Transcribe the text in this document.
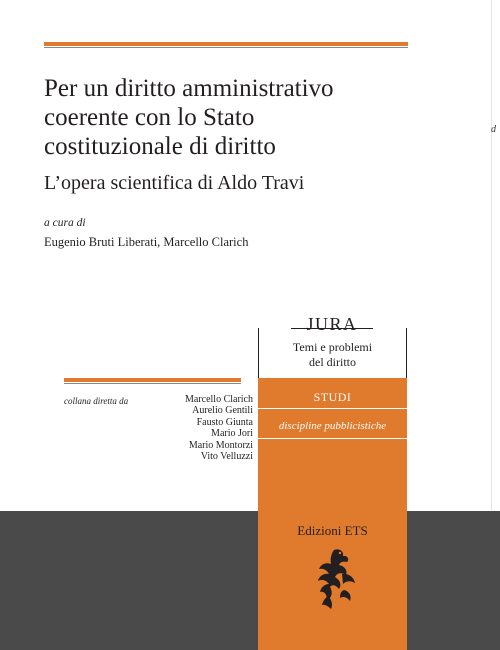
d
Per un diritto amministrativo
coerente con lo Stato
costituzionale di diritto
L’opera scientifica di Aldo Travi
a cura di
Eugenio Bruti Liberati, Marcello Clarich
JURA
Temi e problemi
del diritto
STUDI
discipline pubblicistiche
Edizioni ETS
collana diretta da	Marcello Clarich
Aurelio Gentili
Fausto Giunta
Mario Jori
Mario Montorzi
Vito Velluzzi
